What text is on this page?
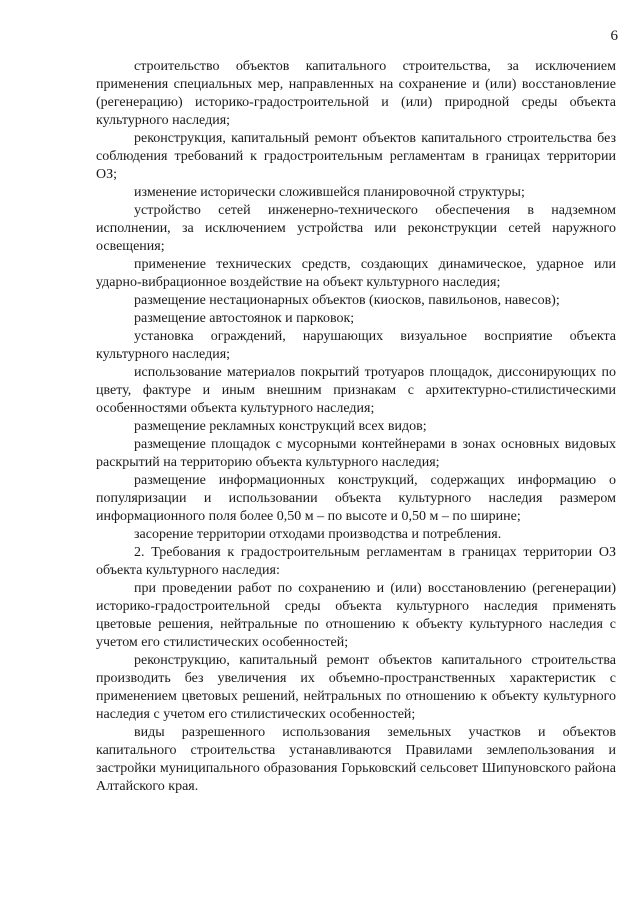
6

строительство объектов капитального строительства, за исключением применения специальных мер, направленных на сохранение и (или) восстановление (регенерацию) историко-градостроительной и (или) природной среды объекта культурного наследия;

реконструкция, капитальный ремонт объектов капитального строительства без соблюдения требований к градостроительным регламентам в границах территории ОЗ;

изменение исторически сложившейся планировочной структуры;

устройство сетей инженерно-технического обеспечения в надземном исполнении, за исключением устройства или реконструкции сетей наружного освещения;

применение технических средств, создающих динамическое, ударное или ударно-вибрационное воздействие на объект культурного наследия;

размещение нестационарных объектов (киосков, павильонов, навесов);

размещение автостоянок и парковок;

установка ограждений, нарушающих визуальное восприятие объекта культурного наследия;

использование материалов покрытий тротуаров площадок, диссонирующих по цвету, фактуре и иным внешним признакам с архитектурно-стилистическими особенностями объекта культурного наследия;

размещение рекламных конструкций всех видов;

размещение площадок с мусорными контейнерами в зонах основных видовых раскрытий на территорию объекта культурного наследия;

размещение информационных конструкций, содержащих информацию о популяризации и использовании объекта культурного наследия размером информационного поля более 0,50 м – по высоте и 0,50 м – по ширине;

засорение территории отходами производства и потребления.

2. Требования к градостроительным регламентам в границах территории ОЗ объекта культурного наследия:

при проведении работ по сохранению и (или) восстановлению (регенерации) историко-градостроительной среды объекта культурного наследия применять цветовые решения, нейтральные по отношению к объекту культурного наследия с учетом его стилистических особенностей;

реконструкцию, капитальный ремонт объектов капитального строительства производить без увеличения их объемно-пространственных характеристик с применением цветовых решений, нейтральных по отношению к объекту культурного наследия с учетом его стилистических особенностей;

виды разрешенного использования земельных участков и объектов капитального строительства устанавливаются Правилами землепользования и застройки муниципального образования Горьковский сельсовет Шипуновского района Алтайского края.
